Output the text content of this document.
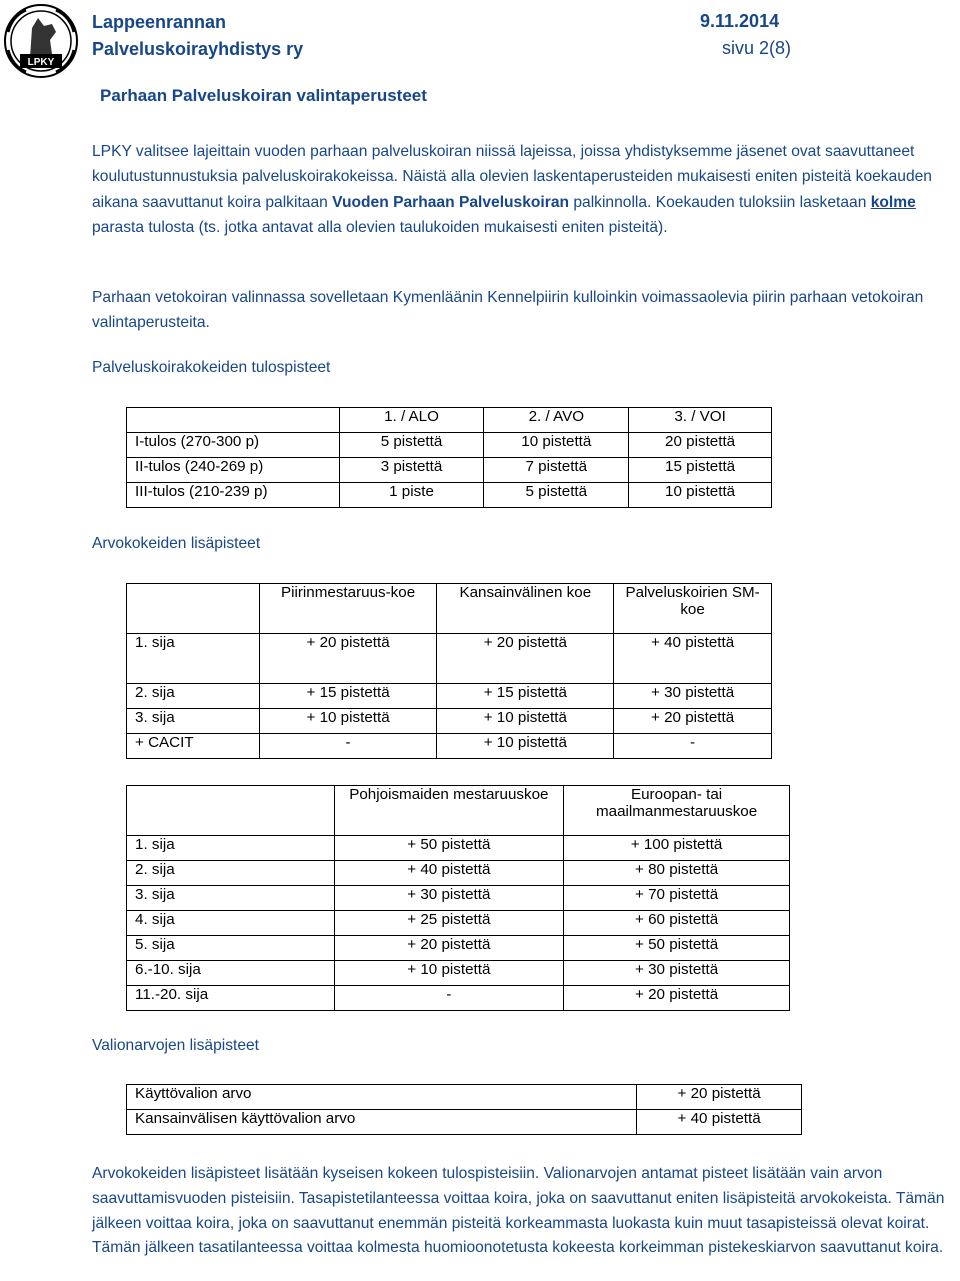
LPKY
Lappeenrannan
Palveluskoirayhdistys ry
9.11.2014
sivu 2(8)
Parhaan Palveluskoiran valintaperusteet
LPKY valitsee lajeittain vuoden parhaan palveluskoiran niissä lajeissa, joissa yhdistyksemme jäsenet ovat saavuttaneet koulutustunnustuksia palveluskoirakokeissa. Näistä alla olevien laskentaperusteiden mukaisesti eniten pisteitä koekauden aikana saavuttanut koira palkitaan Vuoden Parhaan Palveluskoiran palkinnolla. Koekauden tuloksiin lasketaan kolme parasta tulosta (ts. jotka antavat alla olevien taulukoiden mukaisesti eniten pisteitä).
Parhaan vetokoiran valinnassa sovelletaan Kymenläänin Kennelpiirin kulloinkin voimassaolevia piirin parhaan vetokoiran valintaperusteita.
Palveluskoirakokeiden tulospisteet
	1. / ALO	2. / AVO	3. / VOI
I-tulos (270-300 p)	5 pistettä	10 pistettä	20 pistettä
II-tulos (240-269 p)	3 pistettä	7 pistettä	15 pistettä
III-tulos (210-239 p)	1 piste	5 pistettä	10 pistettä
Arvokokeiden lisäpisteet
	Piirinmestaruus-koe	Kansainvälinen koe	Palveluskoirien SM-koe
1. sija	+ 20 pistettä	+ 20 pistettä	+ 40 pistettä
2. sija	+ 15 pistettä	+ 15 pistettä	+ 30 pistettä
3. sija	+ 10 pistettä	+ 10 pistettä	+ 20 pistettä
+ CACIT	-	+ 10 pistettä	-
	Pohjoismaiden mestaruuskoe	Euroopan- tai maailmanmestaruuskoe
1. sija	+ 50 pistettä	+ 100 pistettä
2. sija	+ 40 pistettä	+ 80 pistettä
3. sija	+ 30 pistettä	+ 70 pistettä
4. sija	+ 25 pistettä	+ 60 pistettä
5. sija	+ 20 pistettä	+ 50 pistettä
6.-10. sija	+ 10 pistettä	+ 30 pistettä
11.-20. sija	-	+ 20 pistettä
Valionarvojen lisäpisteet
Käyttövalion arvo	+ 20 pistettä
Kansainvälisen käyttövalion arvo	+ 40 pistettä
Arvokokeiden lisäpisteet lisätään kyseisen kokeen tulospisteisiin. Valionarvojen antamat pisteet lisätään vain arvon saavuttamisvuoden pisteisiin. Tasapistetilanteessa voittaa koira, joka on saavuttanut eniten lisäpisteitä arvokokeista. Tämän jälkeen voittaa koira, joka on saavuttanut enemmän pisteitä korkeammasta luokasta kuin muut tasapisteissä olevat koirat. Tämän jälkeen tasatilanteessa voittaa kolmesta huomioonotetusta kokeesta korkeimman pistekeskiarvon saavuttanut koira.
